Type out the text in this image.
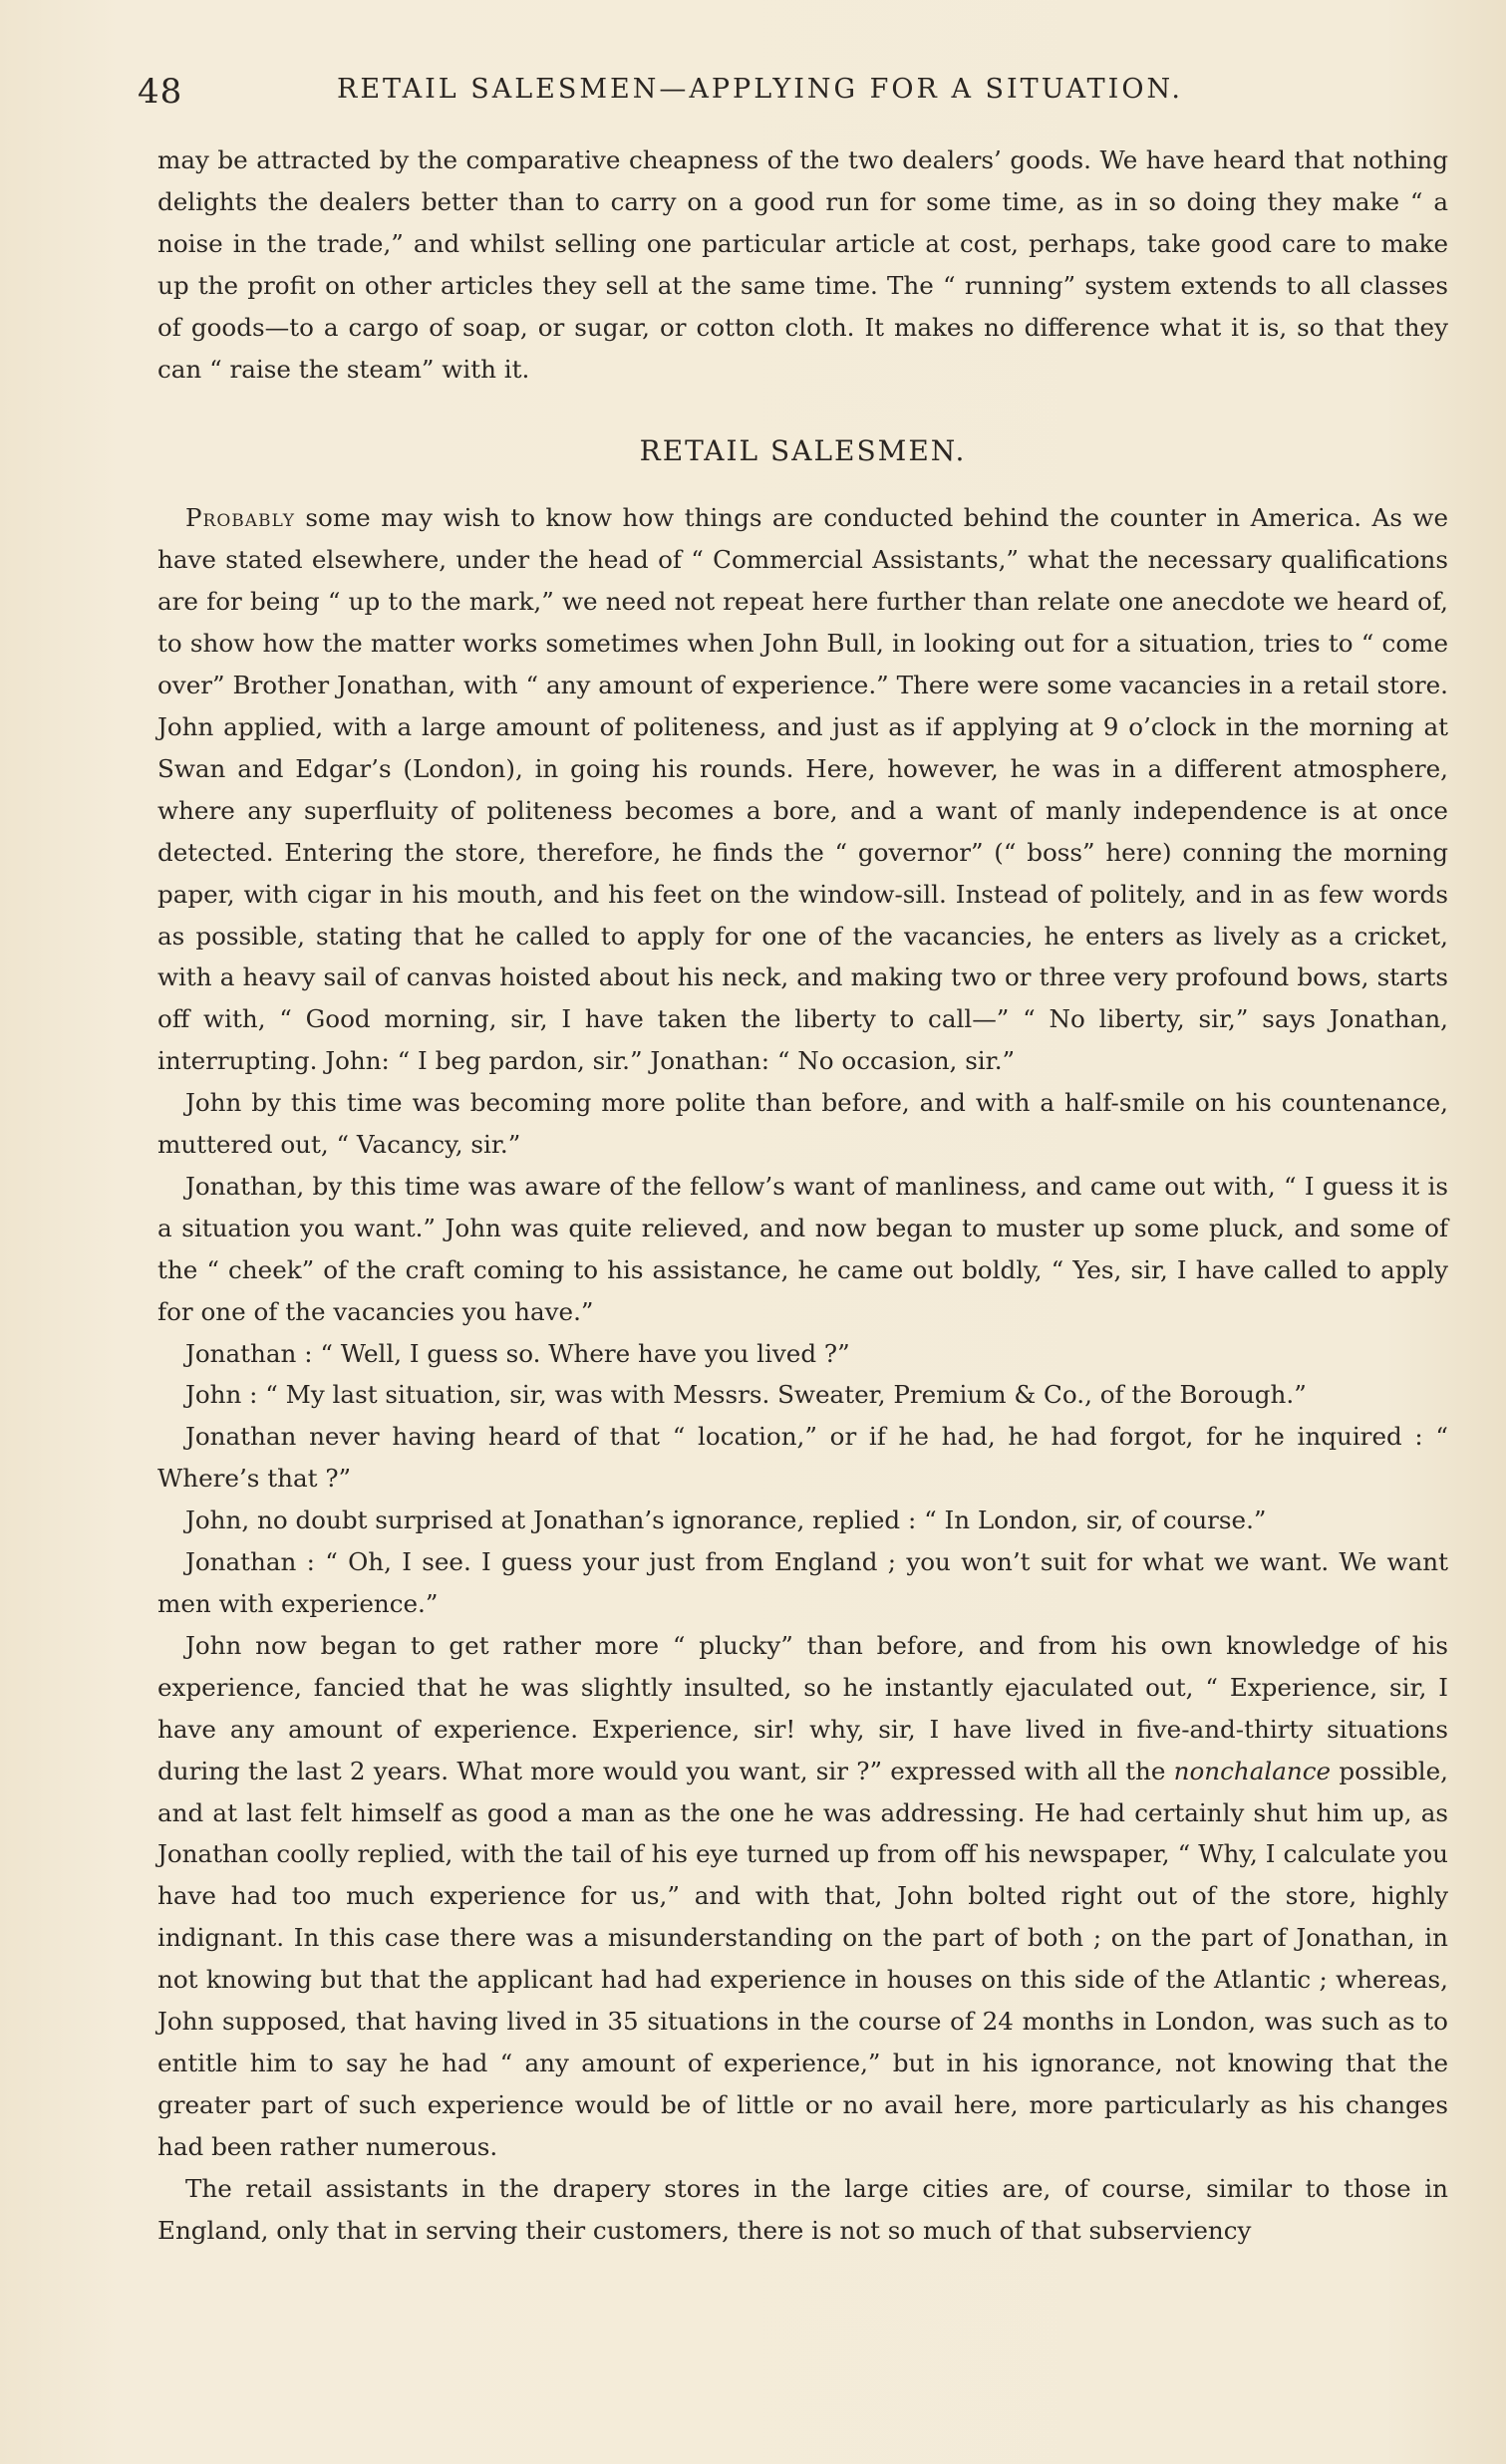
48	RETAIL SALESMEN—APPLYING FOR A SITUATION.

may be attracted by the comparative cheapness of the two dealers’ goods. We have heard that nothing delights the dealers better than to carry on a good run for some time, as in so doing they make “ a noise in the trade,” and whilst selling one particular article at cost, perhaps, take good care to make up the profit on other articles they sell at the same time. The “ running” system extends to all classes of goods—to a cargo of soap, or sugar, or cotton cloth. It makes no difference what it is, so that they can “ raise the steam” with it.

RETAIL SALESMEN.

Probably some may wish to know how things are conducted behind the counter in America. As we have stated elsewhere, under the head of “ Commercial Assistants,” what the necessary qualifications are for being “ up to the mark,” we need not repeat here further than relate one anecdote we heard of, to show how the matter works sometimes when John Bull, in looking out for a situation, tries to “ come over” Brother Jonathan, with “ any amount of experience.” There were some vacancies in a retail store. John applied, with a large amount of politeness, and just as if applying at 9 o’clock in the morning at Swan and Edgar’s (London), in going his rounds. Here, however, he was in a different atmosphere, where any superfluity of politeness becomes a bore, and a want of manly independence is at once detected. Entering the store, therefore, he finds the “ governor” (“ boss” here) conning the morning paper, with cigar in his mouth, and his feet on the window-sill. Instead of politely, and in as few words as possible, stating that he called to apply for one of the vacancies, he enters as lively as a cricket, with a heavy sail of canvas hoisted about his neck, and making two or three very profound bows, starts off with, “ Good morning, sir, I have taken the liberty to call—” “ No liberty, sir,” says Jonathan, interrupting. John: “ I beg pardon, sir.” Jonathan: “ No occasion, sir.”

John by this time was becoming more polite than before, and with a half-smile on his countenance, muttered out, “ Vacancy, sir.”

Jonathan, by this time was aware of the fellow’s want of manliness, and came out with, “ I guess it is a situation you want.” John was quite relieved, and now began to muster up some pluck, and some of the “ cheek” of the craft coming to his assistance, he came out boldly, “ Yes, sir, I have called to apply for one of the vacancies you have.”

Jonathan : “ Well, I guess so. Where have you lived ?”

John : “ My last situation, sir, was with Messrs. Sweater, Premium & Co., of the Borough.”

Jonathan never having heard of that “ location,” or if he had, he had forgot, for he inquired : “ Where’s that ?”

John, no doubt surprised at Jonathan’s ignorance, replied : “ In London, sir, of course.”

Jonathan : “ Oh, I see. I guess your just from England ; you won’t suit for what we want. We want men with experience.”

John now began to get rather more “ plucky” than before, and from his own knowledge of his experience, fancied that he was slightly insulted, so he instantly ejaculated out, “ Experience, sir, I have any amount of experience. Experience, sir! why, sir, I have lived in five-and-thirty situations during the last 2 years. What more would you want, sir ?” expressed with all the nonchalance possible, and at last felt himself as good a man as the one he was addressing. He had certainly shut him up, as Jonathan coolly replied, with the tail of his eye turned up from off his newspaper, “ Why, I calculate you have had too much experience for us,” and with that, John bolted right out of the store, highly indignant. In this case there was a misunderstanding on the part of both ; on the part of Jonathan, in not knowing but that the applicant had had experience in houses on this side of the Atlantic ; whereas, John supposed, that having lived in 35 situations in the course of 24 months in London, was such as to entitle him to say he had “ any amount of experience,” but in his ignorance, not knowing that the greater part of such experience would be of little or no avail here, more particularly as his changes had been rather numerous.

The retail assistants in the drapery stores in the large cities are, of course, similar to those in England, only that in serving their customers, there is not so much of that subserviency
